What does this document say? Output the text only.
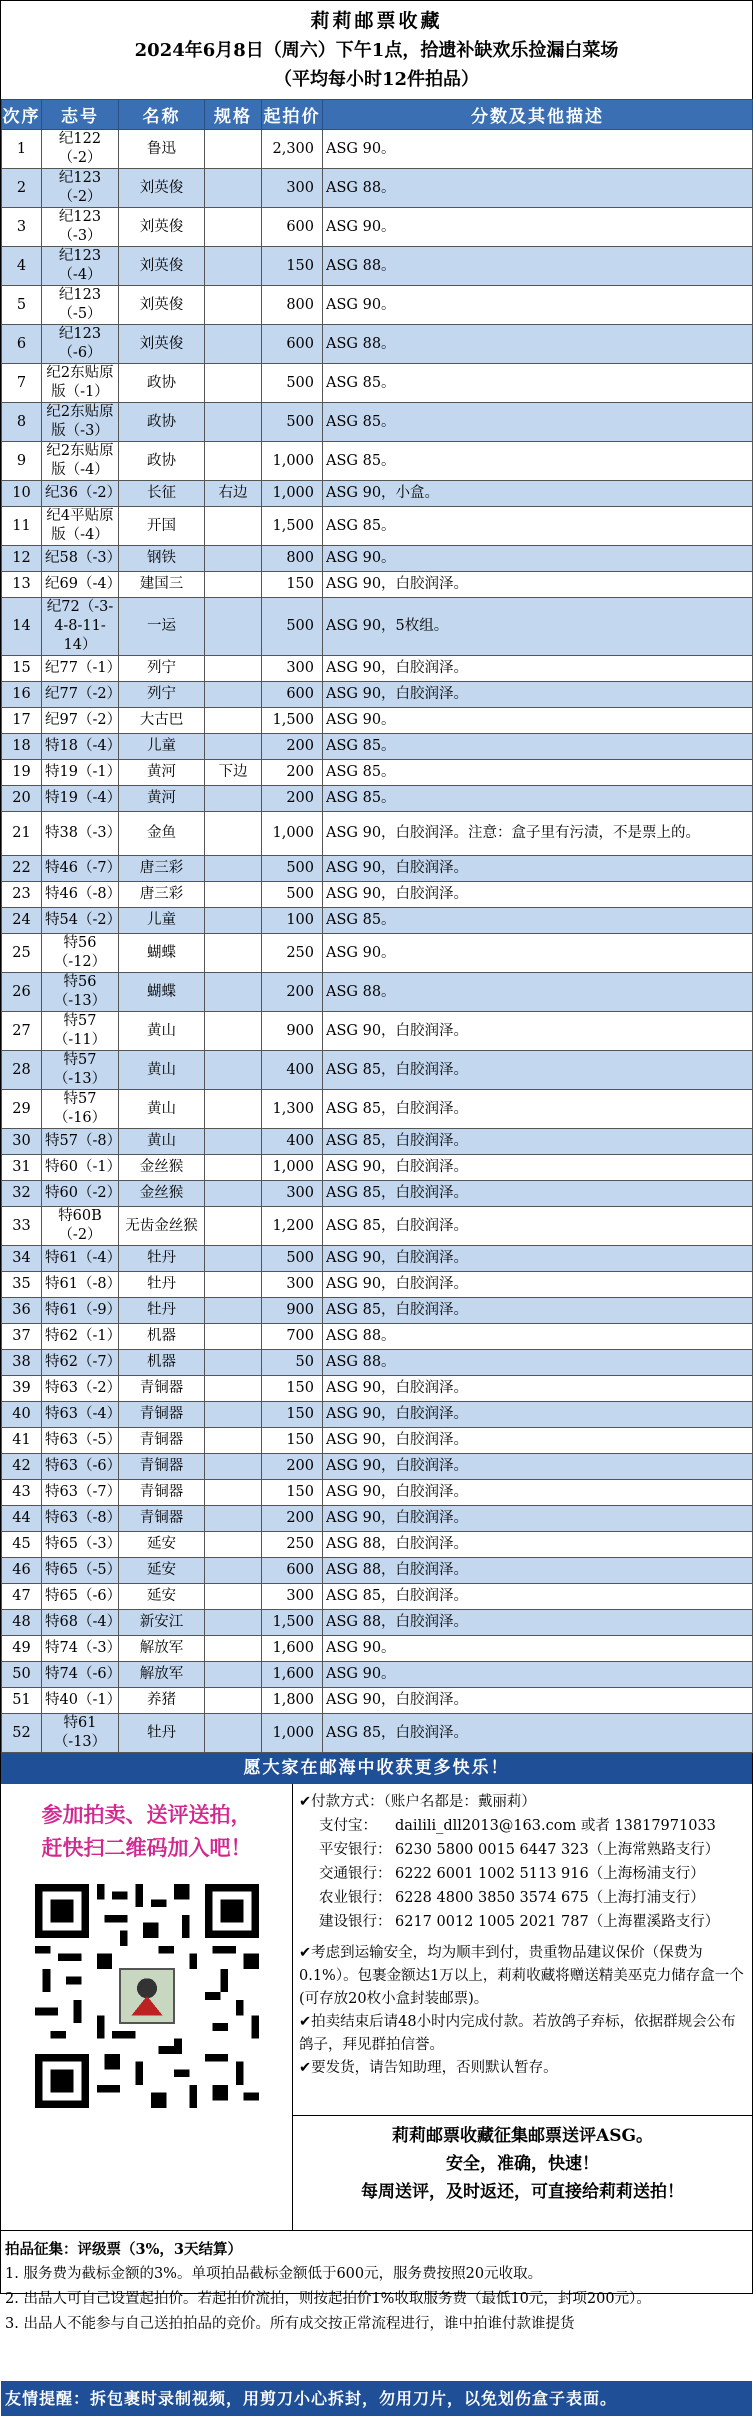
莉莉邮票收藏
2024年6月8日（周六）下午1点，拾遗补缺欢乐捡漏白菜场
（平均每小时12件拍品）
次序	志号	名称	规格	起拍价	分数及其他描述
1	纪122（-2）	鲁迅		2,300	ASG 90。
2	纪123（-2）	刘英俊		300	ASG 88。
3	纪123（-3）	刘英俊		600	ASG 90。
4	纪123（-4）	刘英俊		150	ASG 88。
5	纪123（-5）	刘英俊		800	ASG 90。
6	纪123（-6）	刘英俊		600	ASG 88。
7	纪2东贴原版（-1）	政协		500	ASG 85。
8	纪2东贴原版（-3）	政协		500	ASG 85。
9	纪2东贴原版（-4）	政协		1,000	ASG 85。
10	纪36（-2）	长征	右边	1,000	ASG 90，小盒。
11	纪4平贴原版（-4）	开国		1,500	ASG 85。
12	纪58（-3）	钢铁		800	ASG 90。
13	纪69（-4）	建国三		150	ASG 90，白胶润泽。
14	纪72（-3-4-8-11-14）	一运		500	ASG 90，5枚组。
15	纪77（-1）	列宁		300	ASG 90，白胶润泽。
16	纪77（-2）	列宁		600	ASG 90，白胶润泽。
17	纪97（-2）	大古巴		1,500	ASG 90。
18	特18（-4）	儿童		200	ASG 85。
19	特19（-1）	黄河	下边	200	ASG 85。
20	特19（-4）	黄河		200	ASG 85。
21	特38（-3）	金鱼		1,000	ASG 90，白胶润泽。注意：盒子里有污渍，不是票上的。
22	特46（-7）	唐三彩		500	ASG 90，白胶润泽。
23	特46（-8）	唐三彩		500	ASG 90，白胶润泽。
24	特54（-2）	儿童		100	ASG 85。
25	特56（-12）	蝴蝶		250	ASG 90。
26	特56（-13）	蝴蝶		200	ASG 88。
27	特57（-11）	黄山		900	ASG 90，白胶润泽。
28	特57（-13）	黄山		400	ASG 85，白胶润泽。
29	特57（-16）	黄山		1,300	ASG 85，白胶润泽。
30	特57（-8）	黄山		400	ASG 85，白胶润泽。
31	特60（-1）	金丝猴		1,000	ASG 90，白胶润泽。
32	特60（-2）	金丝猴		300	ASG 85，白胶润泽。
33	特60B（-2）	无齿金丝猴		1,200	ASG 85，白胶润泽。
34	特61（-4）	牡丹		500	ASG 90，白胶润泽。
35	特61（-8）	牡丹		300	ASG 90，白胶润泽。
36	特61（-9）	牡丹		900	ASG 85，白胶润泽。
37	特62（-1）	机器		700	ASG 88。
38	特62（-7）	机器		50	ASG 88。
39	特63（-2）	青铜器		150	ASG 90，白胶润泽。
40	特63（-4）	青铜器		150	ASG 90，白胶润泽。
41	特63（-5）	青铜器		150	ASG 90，白胶润泽。
42	特63（-6）	青铜器		200	ASG 90，白胶润泽。
43	特63（-7）	青铜器		150	ASG 90，白胶润泽。
44	特63（-8）	青铜器		200	ASG 90，白胶润泽。
45	特65（-3）	延安		250	ASG 88，白胶润泽。
46	特65（-5）	延安		600	ASG 88，白胶润泽。
47	特65（-6）	延安		300	ASG 85，白胶润泽。
48	特68（-4）	新安江		1,500	ASG 88，白胶润泽。
49	特74（-3）	解放军		1,600	ASG 90。
50	特74（-6）	解放军		1,600	ASG 90。
51	特40（-1）	养猪		1,800	ASG 90，白胶润泽。
52	特61（-13）	牡丹		1,000	ASG 85，白胶润泽。
愿大家在邮海中收获更多快乐！
参加拍卖、送评送拍，
赶快扫二维码加入吧！
✔付款方式：（账户名都是：戴丽莉）
支付宝： dailili_dll2013@163.com 或者 13817971033
平安银行： 6230 5800 0015 6447 323（上海常熟路支行）
交通银行： 6222 6001 1002 5113 916（上海杨浦支行）
农业银行： 6228 4800 3850 3574 675（上海打浦支行）
建设银行： 6217 0012 1005 2021 787（上海瞿溪路支行）
✔考虑到运输安全，均为顺丰到付，贵重物品建议保价（保费为0.1%）。包裹金额达1万以上，莉莉收藏将赠送精美巫克力储存盒一个(可存放20枚小盒封装邮票)。
✔拍卖结束后请48小时内完成付款。若放鸽子弃标，依据群规会公布鸽子，拜见群拍信誉。
✔要发货，请告知助理，否则默认暂存。
莉莉邮票收藏征集邮票送评ASG。
安全，准确，快速！
每周送评，及时返还，可直接给莉莉送拍！
拍品征集：评级票（3%，3天结算）
1. 服务费为截标金额的3%。单项拍品截标金额低于600元，服务费按照20元收取。
2. 出品人可自己设置起拍价。若起拍价流拍，则按起拍价1%收取服务费（最低10元，封项200元）。
3. 出品人不能参与自己送拍拍品的竞价。所有成交按正常流程进行，谁中拍谁付款谁提货
友情提醒：拆包裹时录制视频，用剪刀小心拆封，勿用刀片，以免划伤盒子表面。
